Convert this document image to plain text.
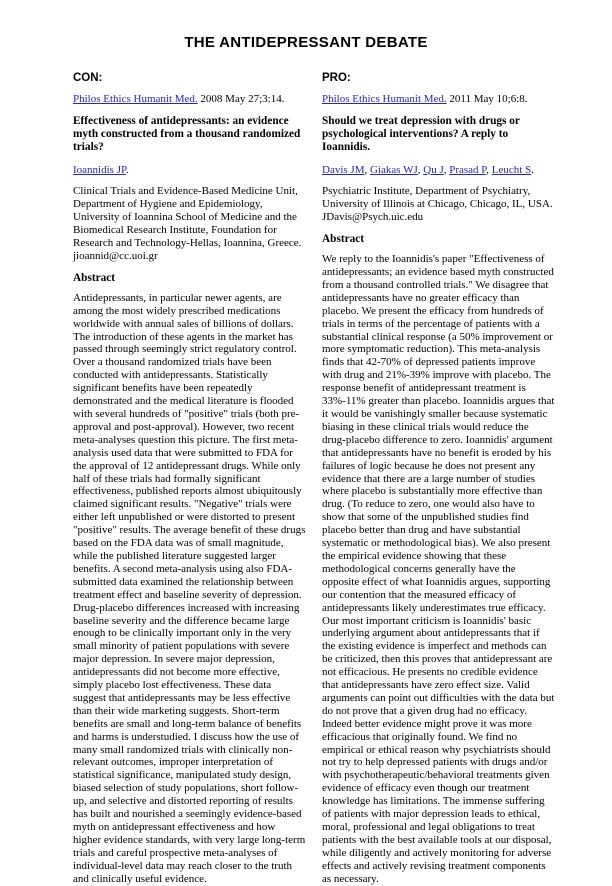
THE ANTIDEPRESSANT DEBATE
CON:
Philos Ethics Humanit Med. 2008 May 27;3:14.
Effectiveness of antidepressants: an evidence myth constructed from a thousand randomized trials?
Ioannidis JP.
Clinical Trials and Evidence-Based Medicine Unit, Department of Hygiene and Epidemiology, University of Ioannina School of Medicine and the Biomedical Research Institute, Foundation for Research and Technology-Hellas, Ioannina, Greece. jioannid@cc.uoi.gr
Abstract
Antidepressants, in particular newer agents, are among the most widely prescribed medications worldwide with annual sales of billions of dollars. The introduction of these agents in the market has passed through seemingly strict regulatory control. Over a thousand randomized trials have been conducted with antidepressants. Statistically significant benefits have been repeatedly demonstrated and the medical literature is flooded with several hundreds of "positive" trials (both pre-approval and post-approval). However, two recent meta-analyses question this picture. The first meta-analysis used data that were submitted to FDA for the approval of 12 antidepressant drugs. While only half of these trials had formally significant effectiveness, published reports almost ubiquitously claimed significant results. "Negative" trials were either left unpublished or were distorted to present "positive" results. The average benefit of these drugs based on the FDA data was of small magnitude, while the published literature suggested larger benefits. A second meta-analysis using also FDA-submitted data examined the relationship between treatment effect and baseline severity of depression. Drug-placebo differences increased with increasing baseline severity and the difference became large enough to be clinically important only in the very small minority of patient populations with severe major depression. In severe major depression, antidepressants did not become more effective, simply placebo lost effectiveness. These data suggest that antidepressants may be less effective than their wide marketing suggests. Short-term benefits are small and long-term balance of benefits and harms is understudied. I discuss how the use of many small randomized trials with clinically non-relevant outcomes, improper interpretation of statistical significance, manipulated study design, biased selection of study populations, short follow-up, and selective and distorted reporting of results has built and nourished a seemingly evidence-based myth on antidepressant effectiveness and how higher evidence standards, with very large long-term trials and careful prospective meta-analyses of individual-level data may reach closer to the truth and clinically useful evidence.
PRO:
Philos Ethics Humanit Med. 2011 May 10;6:8.
Should we treat depression with drugs or psychological interventions? A reply to Ioannidis.
Davis JM, Giakas WJ, Qu J, Prasad P, Leucht S.
Psychiatric Institute, Department of Psychiatry, University of Illinois at Chicago, Chicago, IL, USA. JDavis@Psych.uic.edu
Abstract
We reply to the Ioannidis's paper "Effectiveness of antidepressants; an evidence based myth constructed from a thousand controlled trials." We disagree that antidepressants have no greater efficacy than placebo. We present the efficacy from hundreds of trials in terms of the percentage of patients with a substantial clinical response (a 50% improvement or more symptomatic reduction). This meta-analysis finds that 42-70% of depressed patients improve with drug and 21%-39% improve with placebo. The response benefit of antidepressant treatment is 33%-11% greater than placebo. Ioannidis argues that it would be vanishingly smaller because systematic biasing in these clinical trials would reduce the drug-placebo difference to zero. Ioannidis' argument that antidepressants have no benefit is eroded by his failures of logic because he does not present any evidence that there are a large number of studies where placebo is substantially more effective than drug. (To reduce to zero, one would also have to show that some of the unpublished studies find placebo better than drug and have substantial systematic or methodological bias). We also present the empirical evidence showing that these methodological concerns generally have the opposite effect of what Ioannidis argues, supporting our contention that the measured efficacy of antidepressants likely underestimates true efficacy. Our most important criticism is Ioannidis' basic underlying argument about antidepressants that if the existing evidence is imperfect and methods can be criticized, then this proves that antidepressant are not efficacious. He presents no credible evidence that antidepressants have zero effect size. Valid arguments can point out difficulties with the data but do not prove that a given drug had no efficacy. Indeed better evidence might prove it was more efficacious that originally found. We find no empirical or ethical reason why psychiatrists should not try to help depressed patients with drugs and/or with psychotherapeutic/behavioral treatments given evidence of efficacy even though our treatment knowledge has limitations. The immense suffering of patients with major depression leads to ethical, moral, professional and legal obligations to treat patients with the best available tools at our disposal, while diligently and actively monitoring for adverse effects and actively revising treatment components as necessary.
